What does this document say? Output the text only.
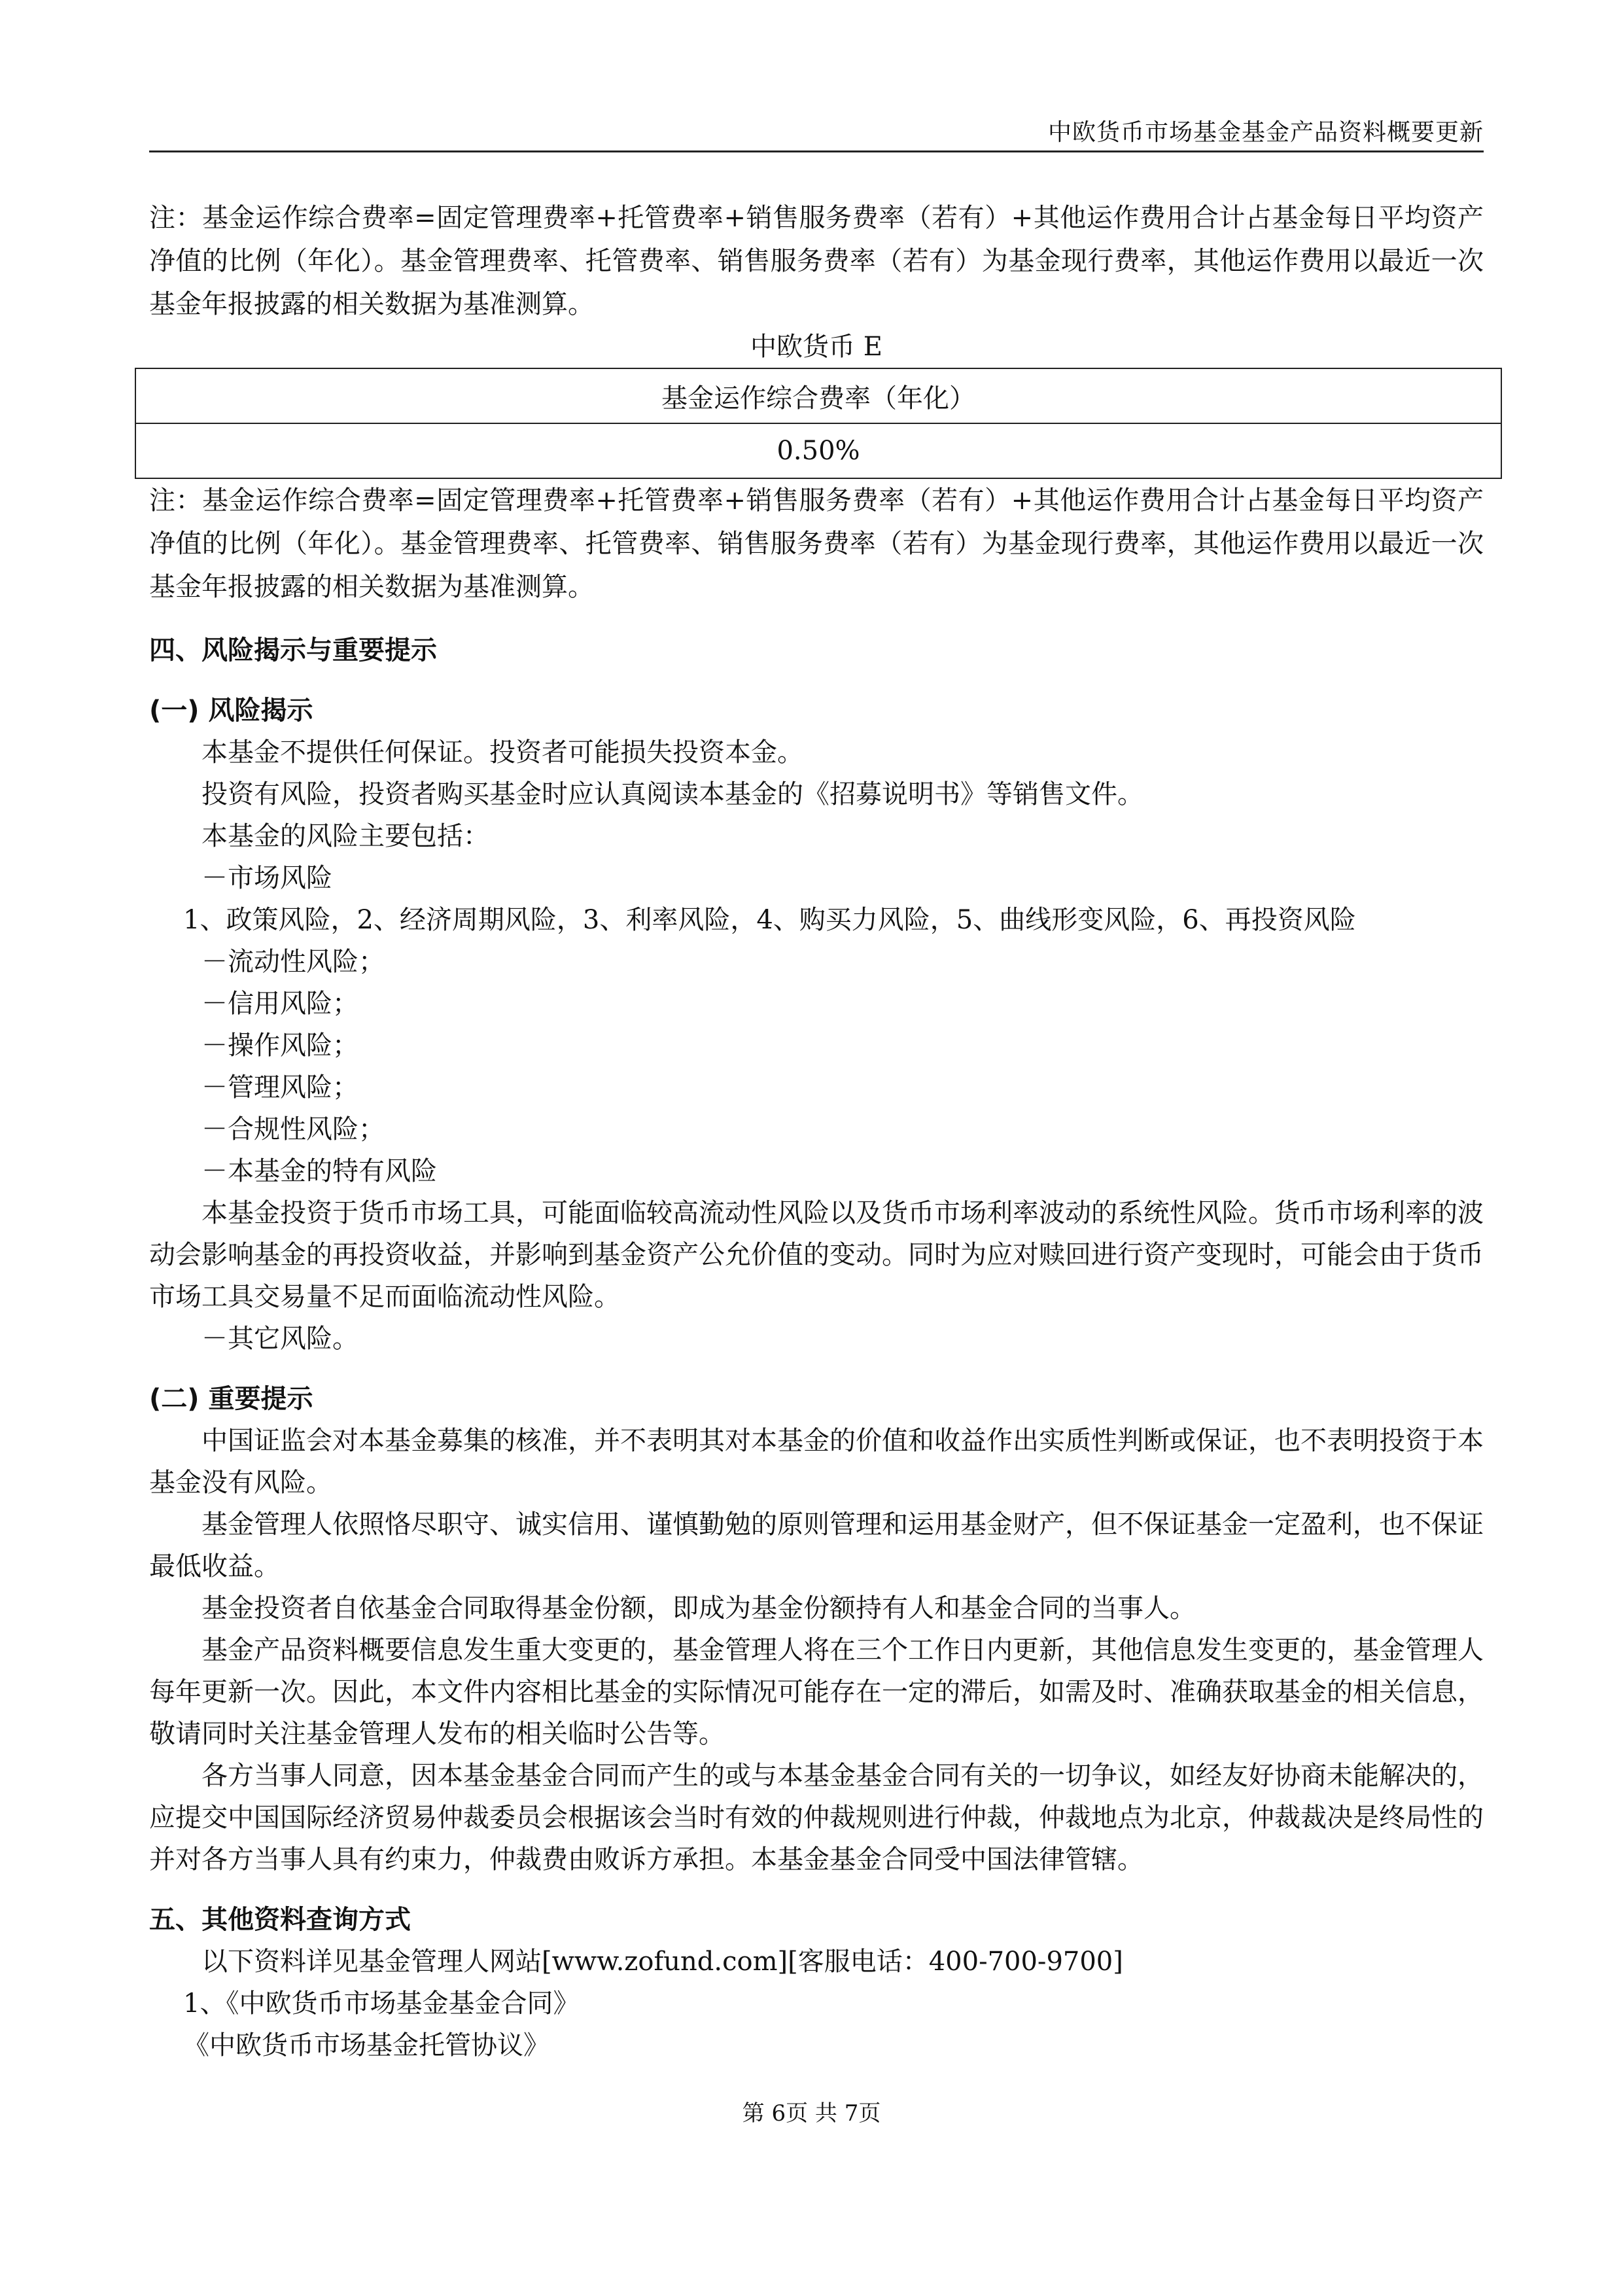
中欧货币市场基金基金产品资料概要更新

注：基金运作综合费率=固定管理费率+托管费率+销售服务费率（若有）+其他运作费用合计占基金每日平均资产净值的比例（年化）。基金管理费率、托管费率、销售服务费率（若有）为基金现行费率，其他运作费用以最近一次基金年报披露的相关数据为基准测算。

中欧货币 E

基金运作综合费率（年化）
0.50%

注：基金运作综合费率=固定管理费率+托管费率+销售服务费率（若有）+其他运作费用合计占基金每日平均资产净值的比例（年化）。基金管理费率、托管费率、销售服务费率（若有）为基金现行费率，其他运作费用以最近一次基金年报披露的相关数据为基准测算。

四、风险揭示与重要提示
(一) 风险揭示

本基金不提供任何保证。投资者可能损失投资本金。

投资有风险，投资者购买基金时应认真阅读本基金的《招募说明书》等销售文件。

本基金的风险主要包括：

－市场风险

1、政策风险，2、经济周期风险，3、利率风险，4、购买力风险，5、曲线形变风险，6、再投资风险

－流动性风险；

－信用风险；

－操作风险；

－管理风险；

－合规性风险；

－本基金的特有风险

本基金投资于货币市场工具，可能面临较高流动性风险以及货币市场利率波动的系统性风险。货币市场利率的波动会影响基金的再投资收益，并影响到基金资产公允价值的变动。同时为应对赎回进行资产变现时，可能会由于货币市场工具交易量不足而面临流动性风险。

－其它风险。

(二) 重要提示

中国证监会对本基金募集的核准，并不表明其对本基金的价值和收益作出实质性判断或保证，也不表明投资于本基金没有风险。

基金管理人依照恪尽职守、诚实信用、谨慎勤勉的原则管理和运用基金财产，但不保证基金一定盈利，也不保证最低收益。

基金投资者自依基金合同取得基金份额，即成为基金份额持有人和基金合同的当事人。

基金产品资料概要信息发生重大变更的，基金管理人将在三个工作日内更新，其他信息发生变更的，基金管理人每年更新一次。因此，本文件内容相比基金的实际情况可能存在一定的滞后，如需及时、准确获取基金的相关信息，敬请同时关注基金管理人发布的相关临时公告等。

各方当事人同意，因本基金基金合同而产生的或与本基金基金合同有关的一切争议，如经友好协商未能解决的，应提交中国国际经济贸易仲裁委员会根据该会当时有效的仲裁规则进行仲裁，仲裁地点为北京，仲裁裁决是终局性的并对各方当事人具有约束力，仲裁费由败诉方承担。本基金基金合同受中国法律管辖。

五、其他资料查询方式

以下资料详见基金管理人网站[www.zofund.com][客服电话：400-700-9700]

1、《中欧货币市场基金基金合同》

《中欧货币市场基金托管协议》

第 6页 共 7页
